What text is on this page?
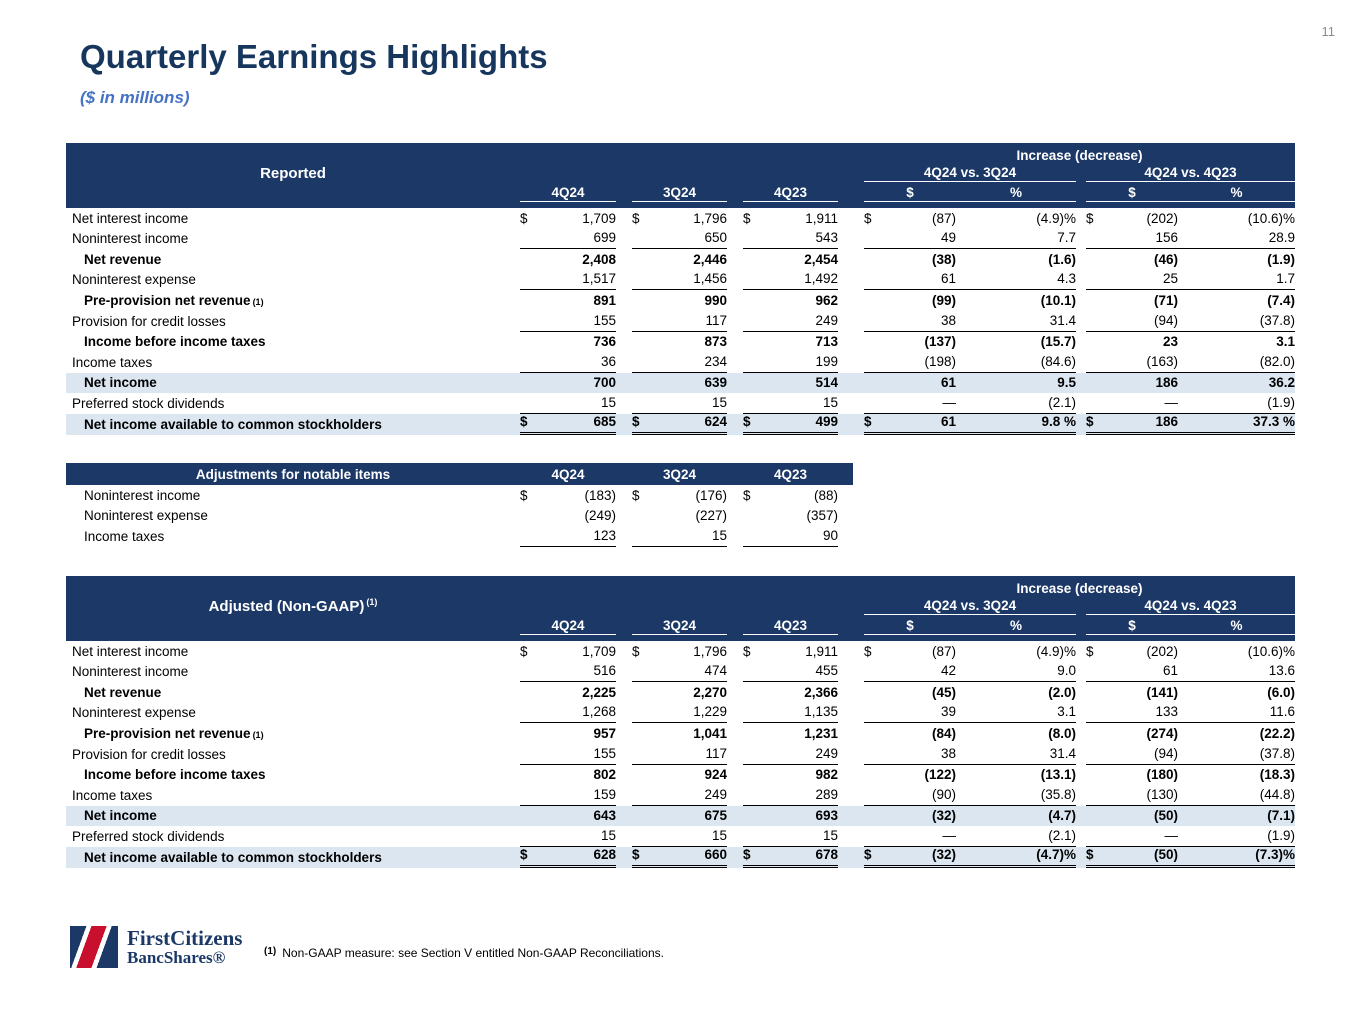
11
Quarterly Earnings Highlights
($ in millions)
Increase (decrease)
Reported	4Q24 vs. 3Q24	4Q24 vs. 4Q23
4Q24	3Q24	4Q23	$	%	$	%
Net interest income	$	1,709 $	1,796 $	1,911 $	(87)	(4.9)% $	(202)	(10.6)%
Noninterest income	699	650	543	49	7.7	156	28.9
Net revenue	2,408	2,446	2,454	(38)	(1.6)	(46)	(1.9)
Noninterest expense	1,517	1,456	1,492	61	4.3	25	1.7
Pre-provision net revenue$^{(1)}$	891	990	962	(99)	(10.1)	(71)	(7.4)
Provision for credit losses	155	117	249	38	31.4	(94)	(37.8)
Income before income taxes	736	873	713	(137)	(15.7)	23	3.1
Income taxes	36	234	199	(198)	(84.6)	(163)	(82.0)
Net income	700	639	514	61	9.5	186	36.2
Preferred stock dividends	15	15	15	—	(2.1)	—	(1.9)
Net income available to common stockholders	$	685 $	624 $	499 $	61	9.8 % $	186	37.3 %
Adjustments for notable items	4Q24	3Q24	4Q23
Noninterest income	$	(183) $	(176) $	(88)
Noninterest expense	(249)	(227)	(357)
Income taxes	123	15	90
Increase (decrease)
Adjusted (Non-GAAP) $^{(1)}$	4Q24 vs. 3Q24	4Q24 vs. 4Q23
4Q24	3Q24	4Q23	$	%	$	%
Net interest income	$	1,709 $	1,796 $	1,911 $	(87)	(4.9)% $	(202)	(10.6)%
Noninterest income	516	474	455	42	9.0	61	13.6
Net revenue	2,225	2,270	2,366	(45)	(2.0)	(141)	(6.0)
Noninterest expense	1,268	1,229	1,135	39	3.1	133	11.6
Pre-provision net revenue$^{(1)}$	957	1,041	1,231	(84)	(8.0)	(274)	(22.2)
Provision for credit losses	155	117	249	38	31.4	(94)	(37.8)
Income before income taxes	802	924	982	(122)	(13.1)	(180)	(18.3)
Income taxes	159	249	289	(90)	(35.8)	(130)	(44.8)
Net income	643	675	693	(32)	(4.7)	(50)	(7.1)
Preferred stock dividends	15	15	15	—	(2.1)	—	(1.9)
Net income available to common stockholders	$	628 $	660 $	678 $	(32)	(4.7)% $	(50)	(7.3)%
FirstCitizens
BancShares®	$^{(1)}$ Non-GAAP measure: see Section V entitled Non-GAAP Reconciliations.
